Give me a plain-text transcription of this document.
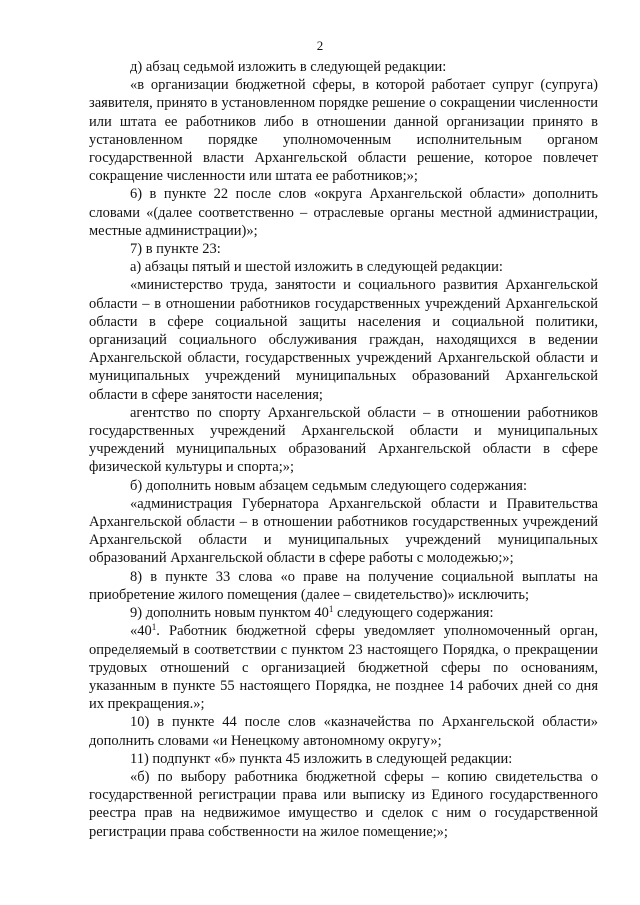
2

д) абзац седьмой изложить в следующей редакции:

«в организации бюджетной сферы, в которой работает супруг (супруга) заявителя, принято в установленном порядке решение о сокращении численности или штата ее работников либо в отношении данной организации принято в установленном порядке уполномоченным исполнительным органом государственной власти Архангельской области решение, которое повлечет сокращение численности или штата ее работников;»;

6) в пункте 22 после слов «округа Архангельской области» дополнить словами «(далее соответственно – отраслевые органы местной администрации, местные администрации)»;

7) в пункте 23:

а) абзацы пятый и шестой изложить в следующей редакции:

«министерство труда, занятости и социального развития Архангельской области – в отношении работников государственных учреждений Архангельской области в сфере социальной защиты населения и социальной политики, организаций социального обслуживания граждан, находящихся в ведении Архангельской области, государственных учреждений Архангельской области и муниципальных учреждений муниципальных образований Архангельской области в сфере занятости населения;

агентство по спорту Архангельской области – в отношении работников государственных учреждений Архангельской области и муниципальных учреждений муниципальных образований Архангельской области в сфере физической культуры и спорта;»;

б) дополнить новым абзацем седьмым следующего содержания:

«администрация Губернатора Архангельской области и Правительства Архангельской области – в отношении работников государственных учреждений Архангельской области и муниципальных учреждений муниципальных образований Архангельской области в сфере работы с молодежью;»;

8) в пункте 33 слова «о праве на получение социальной выплаты на приобретение жилого помещения (далее – свидетельство)» исключить;

9) дополнить новым пунктом $40^1$ следующего содержания:

«$40^1$. Работник бюджетной сферы уведомляет уполномоченный орган, определяемый в соответствии с пунктом 23 настоящего Порядка, о прекращении трудовых отношений с организацией бюджетной сферы по основаниям, указанным в пункте 55 настоящего Порядка, не позднее 14 рабочих дней со дня их прекращения.»;

10) в пункте 44 после слов «казначейства по Архангельской области» дополнить словами «и Ненецкому автономному округу»;

11) подпункт «б» пункта 45 изложить в следующей редакции:

«б) по выбору работника бюджетной сферы – копию свидетельства о государственной регистрации права или выписку из Единого государственного реестра прав на недвижимое имущество и сделок с ним о государственной регистрации права собственности на жилое помещение;»;
